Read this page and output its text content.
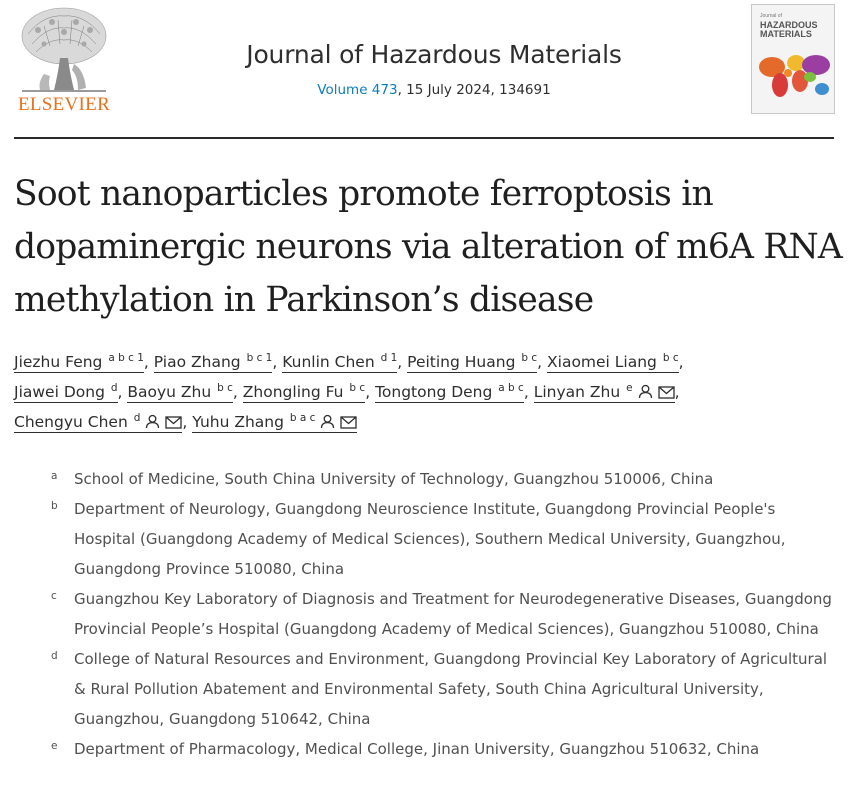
ELSEVIER
Journal of Hazardous Materials
Volume 473, 15 July 2024, 134691
Journal of
HAZARDOUS
MATERIALS
Soot nanoparticles promote ferroptosis in dopaminergic neurons via alteration of m6A RNA methylation in Parkinson’s disease
Jiezhu Feng $^{a b c 1}$, Piao Zhang $^{b c 1}$, Kunlin Chen $^{d 1}$, Peiting Huang $^{b c}$, Xiaomei Liang $^{b c}$,
Jiawei Dong $^d$, Baoyu Zhu $^{b c}$, Zhongling Fu $^{b c}$, Tongtong Deng $^{a b c}$, Linyan Zhu $^e$	,
Chengyu Chen $^d$	, Yuhu Zhang $^{b a c}$
a School of Medicine, South China University of Technology, Guangzhou 510006, China
b Department of Neurology, Guangdong Neuroscience Institute, Guangdong Provincial People's Hospital (Guangdong Academy of Medical Sciences), Southern Medical University, Guangzhou, Guangdong Province 510080, China
c Guangzhou Key Laboratory of Diagnosis and Treatment for Neurodegenerative Diseases, Guangdong Provincial People’s Hospital (Guangdong Academy of Medical Sciences), Guangzhou 510080, China
d College of Natural Resources and Environment, Guangdong Provincial Key Laboratory of Agricultural & Rural Pollution Abatement and Environmental Safety, South China Agricultural University, Guangzhou, Guangdong 510642, China
e Department of Pharmacology, Medical College, Jinan University, Guangzhou 510632, China
